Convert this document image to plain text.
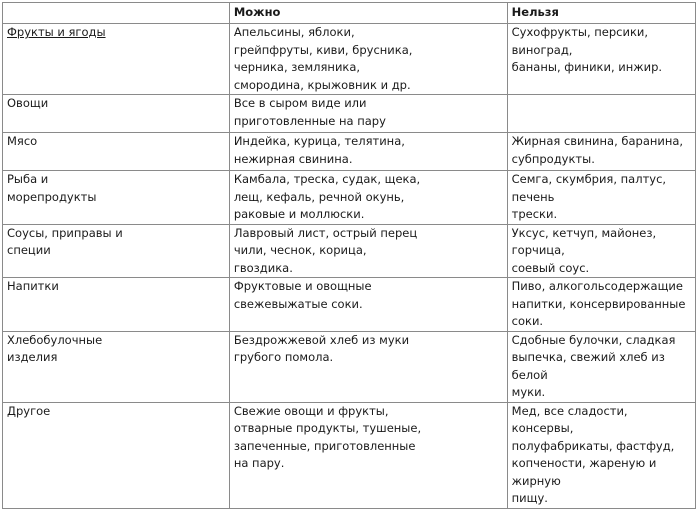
	Можно	Нельзя
Фрукты и ягоды	Апельсины, яблоки,
грейпфруты, киви, брусника,
черника, земляника,
смородина, крыжовник и др.	Сухофрукты, персики, виноград,
бананы, финики, инжир.
Овощи	Все в сыром виде или
приготовленные на пару	
Мясо	Индейка, курица, телятина,
нежирная свинина.	Жирная свинина, баранина,
субпродукты.
Рыба и
морепродукты	Камбала, треска, судак, щека,
лещ, кефаль, речной окунь,
раковые и моллюски.	Семга, скумбрия, палтус, печень
трески.
Соусы, приправы и
специи	Лавровый лист, острый перец
чили, чеснок, корица,
гвоздика.	Уксус, кетчуп, майонез, горчица,
соевый соус.
Напитки	Фруктовые и овощные
свежевыжатые соки.	Пиво, алкогольсодержащие
напитки, консервированные
соки.
Хлебобулочные
изделия	Бездрожжевой хлеб из муки
грубого помола.	Сдобные булочки, сладкая
выпечка, свежий хлеб из белой
муки.
Другое	Свежие овощи и фрукты,
отварные продукты, тушеные,
запеченные, приготовленные
на пару.	Мед, все сладости, консервы,
полуфабрикаты, фастфуд,
копчености, жареную и жирную
пищу.
